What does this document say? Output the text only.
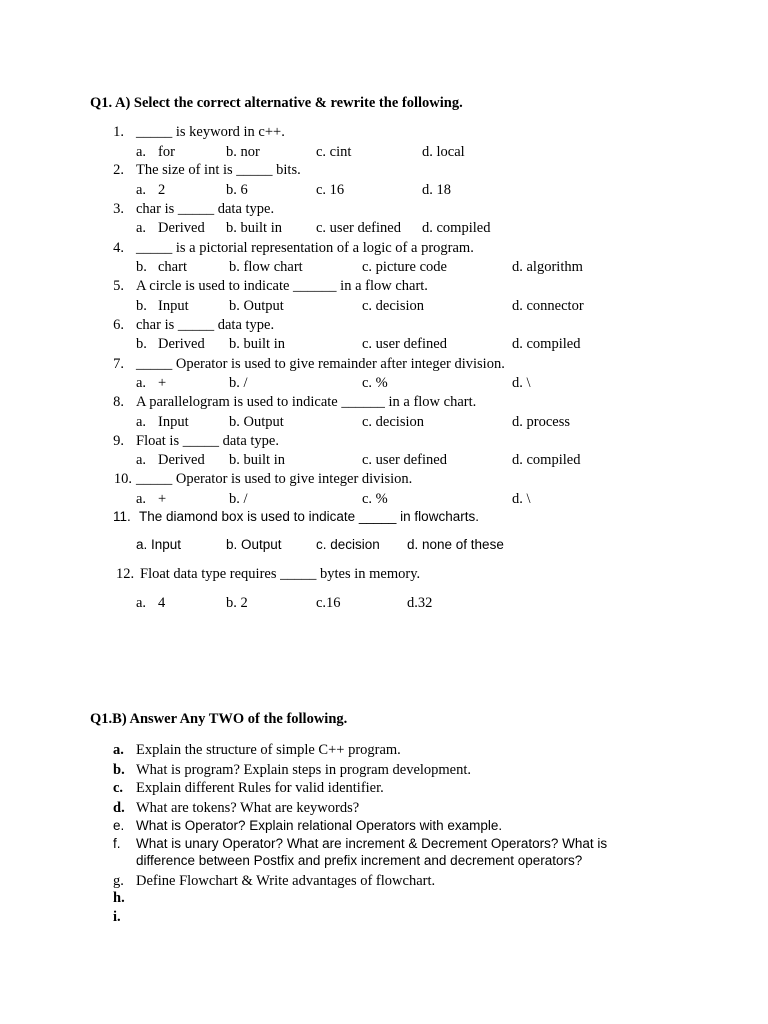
Q1. A) Select the correct alternative & rewrite the following.
1. _____ is keyword in c++.
a. for	b. nor	c. cint	d. local
2. The size of int is _____ bits.
a. 2	b. 6	c. 16	d. 18
3. char is _____ data type.
a. Derived b. built in c. user defined d. compiled
4. _____ is a pictorial representation of a logic of a program.
b. chart	b. flow chart	c. picture code	d. algorithm
5. A circle is used to indicate ______ in a flow chart.
b. Input	b. Output	c. decision	d. connector
6. char is _____ data type.
b. Derived b. built in	c. user defined	d. compiled
7. _____ Operator is used to give remainder after integer division.
a. +	b. /	c. %	d. \
8. A parallelogram is used to indicate ______ in a flow chart.
a. Input	b. Output	c. decision	d. process
9. Float is _____ data type.
a. Derived b. built in	c. user defined	d. compiled
10. _____ Operator is used to give integer division.
a. +	b. /	c. %	d. \
11. The diamond box is used to indicate _____ in flowcharts.
a. Input	b. Output	c. decision d. none of these
12. Float data type requires _____ bytes in memory.
a. 4	b. 2	c.16	d.32
Q1.B) Answer Any TWO of the following.
a. Explain the structure of simple C++ program.
b. What is program? Explain steps in program development.
c. Explain different Rules for valid identifier.
d. What are tokens? What are keywords?
e. What is Operator? Explain relational Operators with example.
f. What is unary Operator? What are increment & Decrement Operators? What is
difference between Postfix and prefix increment and decrement operators?
g. Define Flowchart & Write advantages of flowchart.
h.
i.
